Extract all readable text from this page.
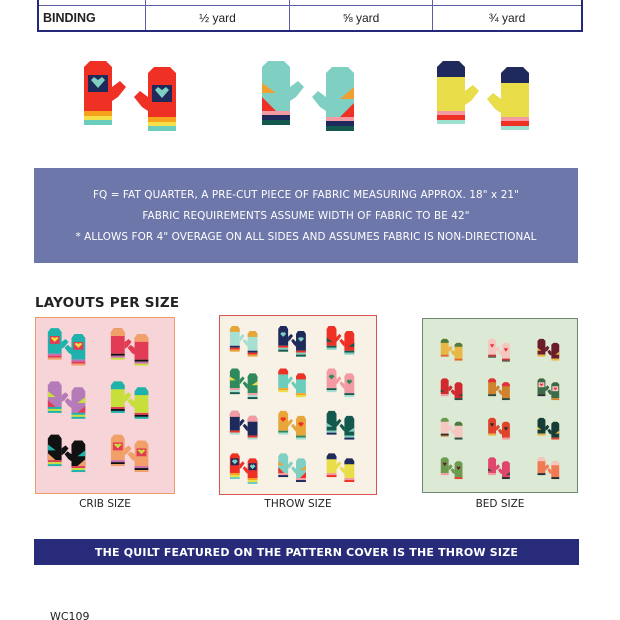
BINDING	½ yard	⅝ yard	¾ yard

FQ = FAT QUARTER, A PRE-CUT PIECE OF FABRIC MEASURING APPROX. 18" x 21"

FABRIC REQUIREMENTS ASSUME WIDTH OF FABRIC TO BE 42"

* ALLOWS FOR 4" OVERAGE ON ALL SIDES AND ASSUMES FABRIC IS NON-DIRECTIONAL

LAYOUTS PER SIZE
CRIB SIZE	THROW SIZE	BED SIZE
THE QUILT FEATURED ON THE PATTERN COVER IS THE THROW SIZE
WC109
